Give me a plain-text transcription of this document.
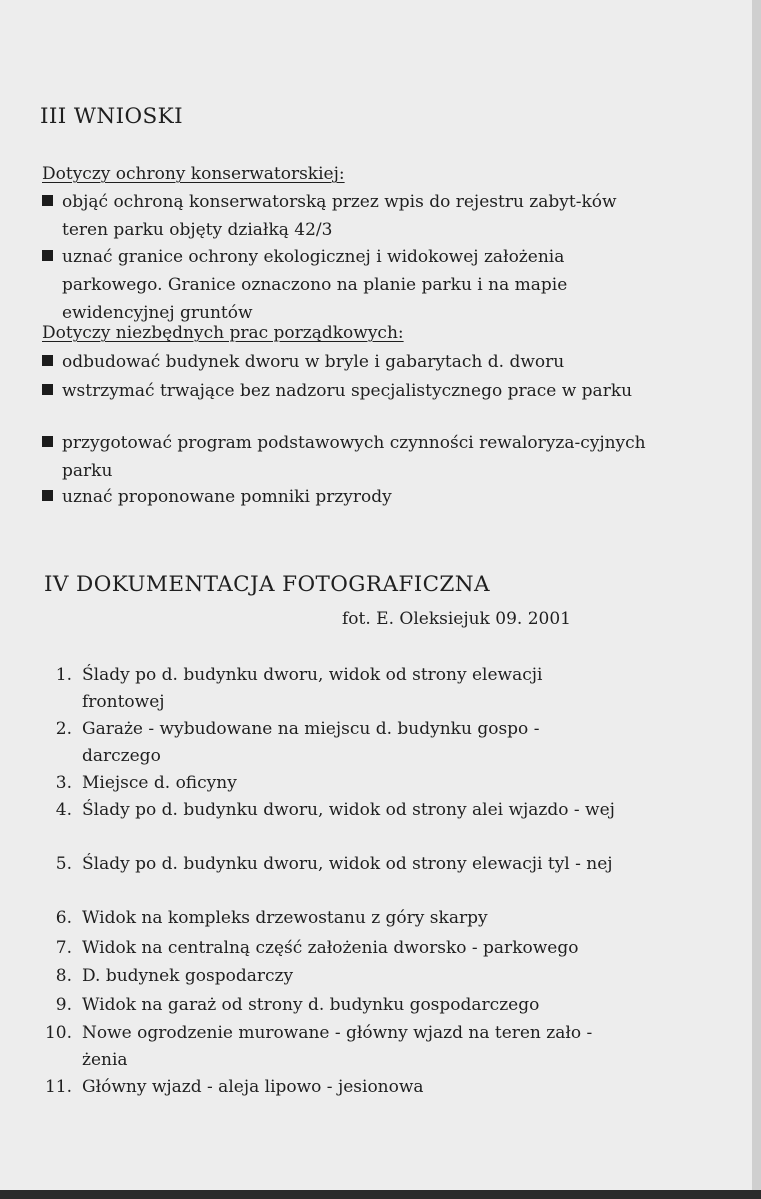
III WNIOSKI
Dotyczy ochrony konserwatorskiej:
objąć ochroną konserwatorską przez wpis do rejestru zabyt-ków teren parku objęty działką 42/3
uznać granice ochrony ekologicznej i widokowej założenia parkowego. Granice oznaczono na planie parku i na mapie ewidencyjnej gruntów
Dotyczy niezbędnych prac porządkowych:
odbudować budynek dworu w bryle i gabarytach d. dworu
wstrzymać trwające bez nadzoru specjalistycznego prace w parku
przygotować program podstawowych czynności rewaloryza-cyjnych parku
uznać proponowane pomniki przyrody
IV DOKUMENTACJA FOTOGRAFICZNA
fot. E. Oleksiejuk 09. 2001
1. Ślady po d. budynku dworu, widok od strony elewacji frontowej
2. Garaże - wybudowane na miejscu d. budynku gospo - darczego
3. Miejsce d. oficyny
4. Ślady po d. budynku dworu, widok od strony alei wjazdo - wej
5. Ślady po d. budynku dworu, widok od strony elewacji tyl - nej
6. Widok na kompleks drzewostanu z góry skarpy
7. Widok na centralną część założenia dworsko - parkowego
8. D. budynek gospodarczy
9. Widok na garaż od strony d. budynku gospodarczego
10. Nowe ogrodzenie murowane - główny wjazd na teren zało - żenia
11. Główny wjazd - aleja lipowo - jesionowa
